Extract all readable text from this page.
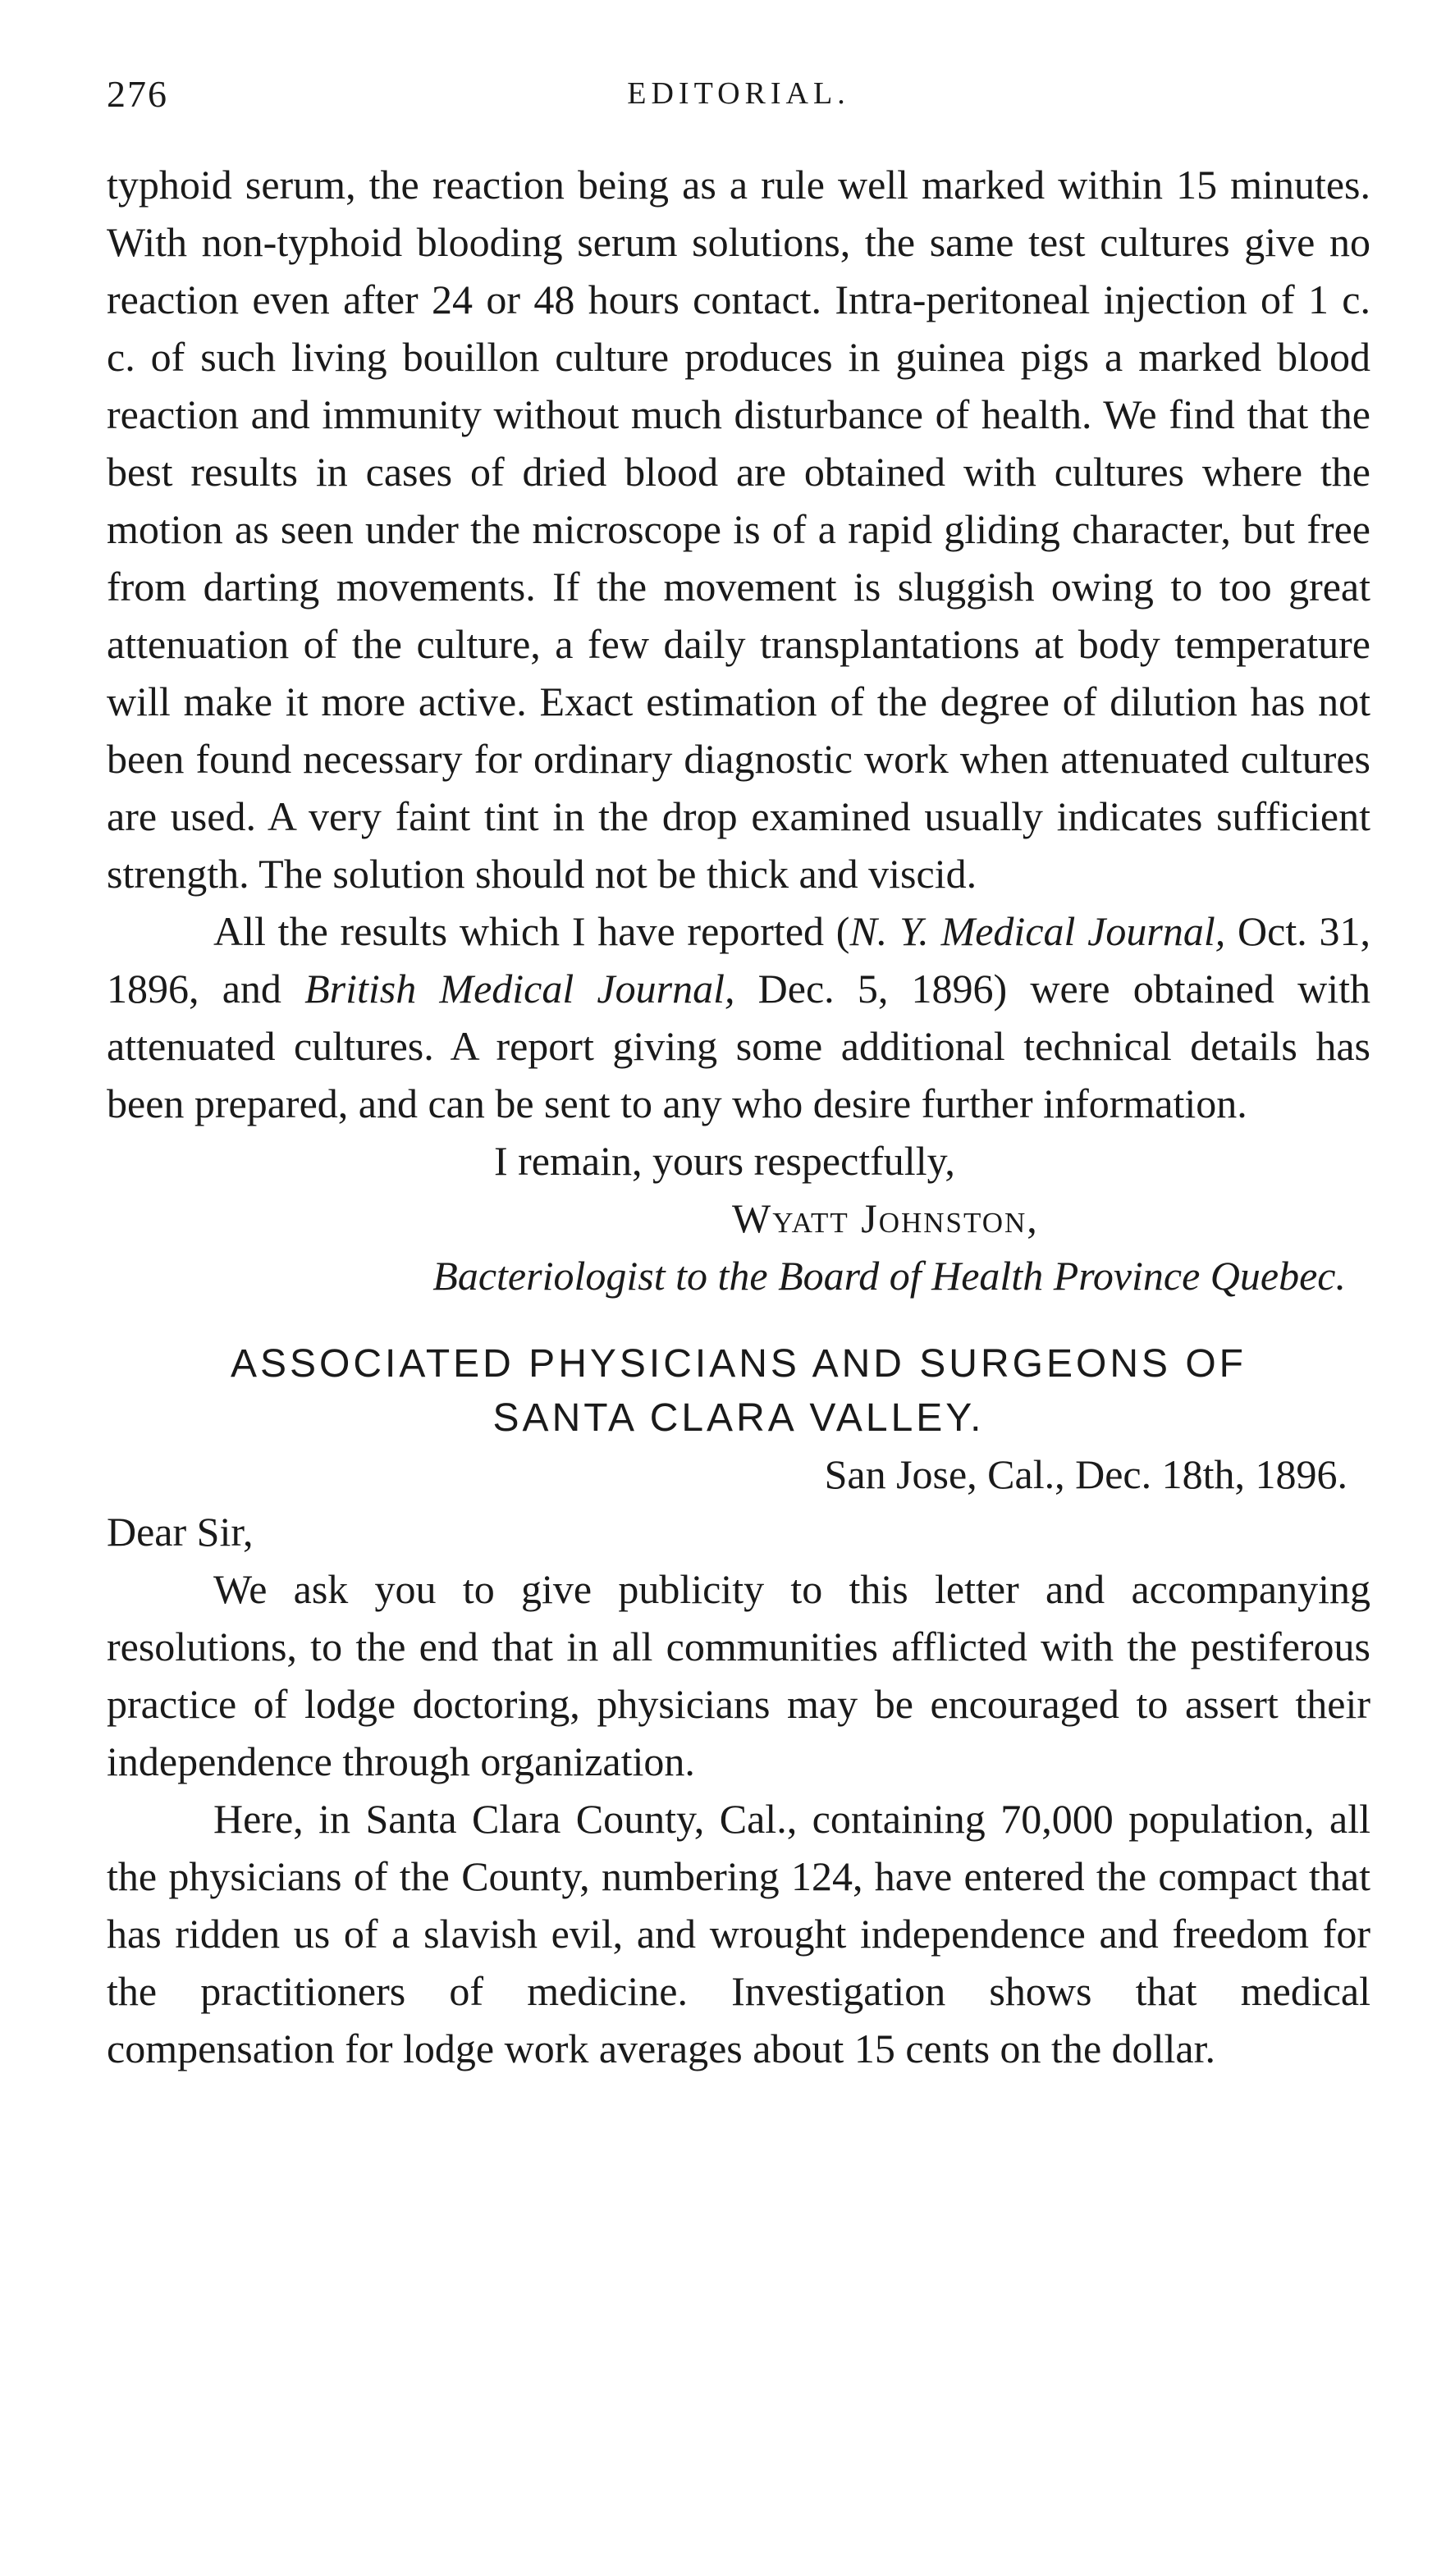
276	EDITORIAL.

typhoid serum, the reaction being as a rule well marked within 15 minutes. With non-typhoid blooding serum solutions, the same test cultures give no reaction even after 24 or 48 hours contact. Intra-peritoneal injection of 1 c. c. of such living bouillon culture produces in guinea pigs a marked blood reaction and immunity without much disturbance of health. We find that the best results in cases of dried blood are obtained with cultures where the motion as seen under the microscope is of a rapid gliding character, but free from darting movements. If the movement is sluggish owing to too great attenuation of the culture, a few daily transplantations at body temperature will make it more active. Exact estimation of the degree of dilution has not been found necessary for ordinary diagnostic work when attenuated cultures are used. A very faint tint in the drop examined usually indicates sufficient strength. The solution should not be thick and viscid.

All the results which I have reported (N. Y. Medical Journal, Oct. 31, 1896, and British Medical Journal, Dec. 5, 1896) were obtained with attenuated cultures. A report giving some additional technical details has been prepared, and can be sent to any who desire further information.

I remain, yours respectfully,
Wyatt Johnston,
Bacteriologist to the Board of Health Province Quebec.
ASSOCIATED PHYSICIANS AND SURGEONS OF
SANTA CLARA VALLEY.
San Jose, Cal., Dec. 18th, 1896.
Dear Sir,

We ask you to give publicity to this letter and accompanying resolutions, to the end that in all communities afflicted with the pestiferous practice of lodge doctoring, physicians may be encouraged to assert their independence through organization.

Here, in Santa Clara County, Cal., containing 70,000 population, all the physicians of the County, numbering 124, have entered the compact that has ridden us of a slavish evil, and wrought independence and freedom for the practitioners of medicine. Investigation shows that medical compensation for lodge work averages about 15 cents on the dollar.
